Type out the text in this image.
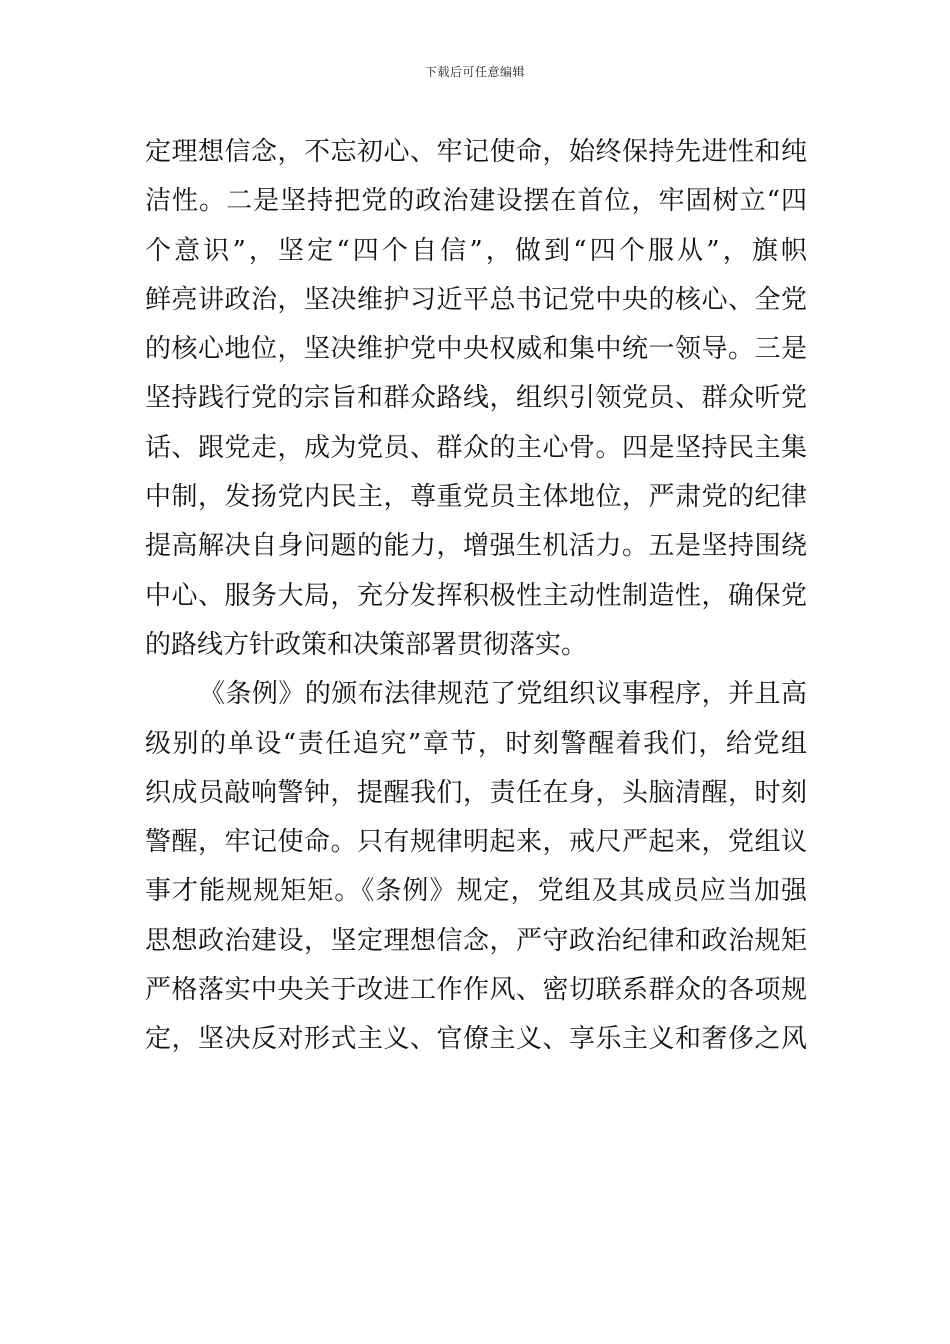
下载后可任意编辑
定理想信念，不忘初心、牢记使命，始终保持先进性和纯
洁性。二是坚持把党的政治建设摆在首位，牢固树立“四
个意识”，坚定“四个自信”，做到“四个服从”，旗帜
鲜亮讲政治，坚决维护习近平总书记党中央的核心、全党
的核心地位，坚决维护党中央权威和集中统一领导。三是
坚持践行党的宗旨和群众路线，组织引领党员、群众听党
话、跟党走，成为党员、群众的主心骨。四是坚持民主集
中制，发扬党内民主，尊重党员主体地位，严肃党的纪律
提高解决自身问题的能力，增强生机活力。五是坚持围绕
中心、服务大局，充分发挥积极性主动性制造性，确保党
的路线方针政策和决策部署贯彻落实。
《条例》的颁布法律规范了党组织议事程序，并且高
级别的单设“责任追究”章节，时刻警醒着我们，给党组
织成员敲响警钟，提醒我们，责任在身，头脑清醒，时刻
警醒，牢记使命。只有规律明起来，戒尺严起来，党组议
事才能规规矩矩。《条例》规定，党组及其成员应当加强
思想政治建设，坚定理想信念，严守政治纪律和政治规矩
严格落实中央关于改进工作作风、密切联系群众的各项规
定，坚决反对形式主义、官僚主义、享乐主义和奢侈之风
